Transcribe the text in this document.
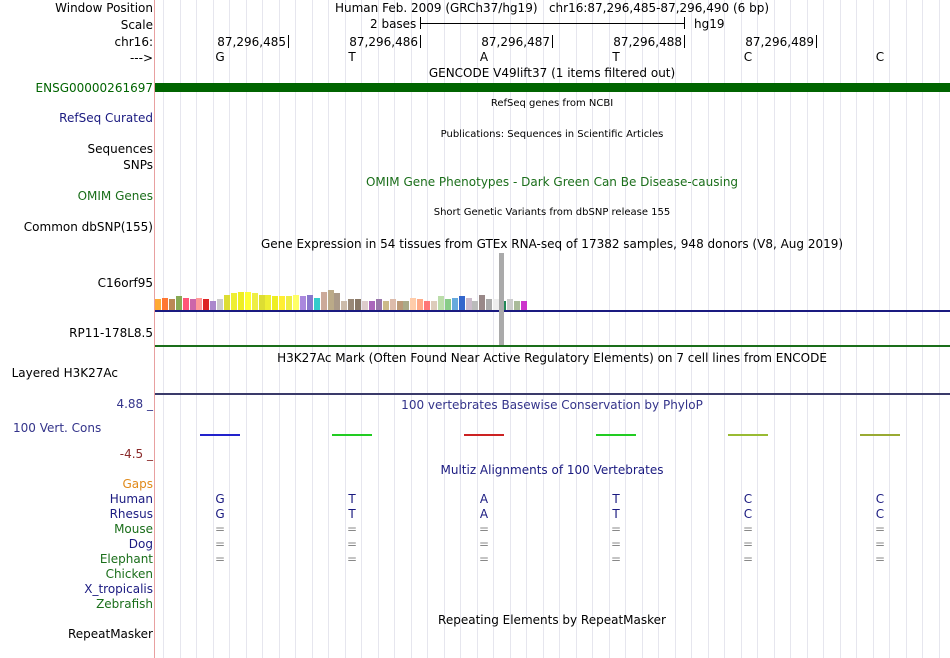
Window Position	Human Feb. 2009 (GRCh37/hg19)   chr16:87,296,485-87,296,490 (6 bp)
Scale	2 bases	hg19
chr16:
--->
GENCODE V49lift37 (1 items filtered out)
ENSG00000261697
RefSeq genes from NCBI
RefSeq Curated
Publications: Sequences in Scientific Articles
Sequences
SNPs
OMIM Gene Phenotypes - Dark Green Can Be Disease-causing
OMIM Genes
Short Genetic Variants from dbSNP release 155
Common dbSNP(155)
Gene Expression in 54 tissues from GTEx RNA-seq of 17382 samples, 948 donors (V8, Aug 2019)
C16orf95
RP11-178L8.5
H3K27Ac Mark (Often Found Near Active Regulatory Elements) on 7 cell lines from ENCODE
Layered H3K27Ac
4.88 _	100 vertebrates Basewise Conservation by PhyloP
100 Vert. Cons
-4.5 _
Multiz Alignments of 100 Vertebrates
Gaps
Repeating Elements by RepeatMasker
RepeatMasker
87,296,485	87,296,486	87,296,487	87,296,488	87,296,489
G	T	A	T	C	C
Human	G	T	A	T	C	C
Rhesus	G	T	A	T	C	C
Mouse	=	=	=	=	=	=
Dog	=	=	=	=	=	=
Elephant	=	=	=	=	=	=
Chicken
X_tropicalis
Zebrafish
